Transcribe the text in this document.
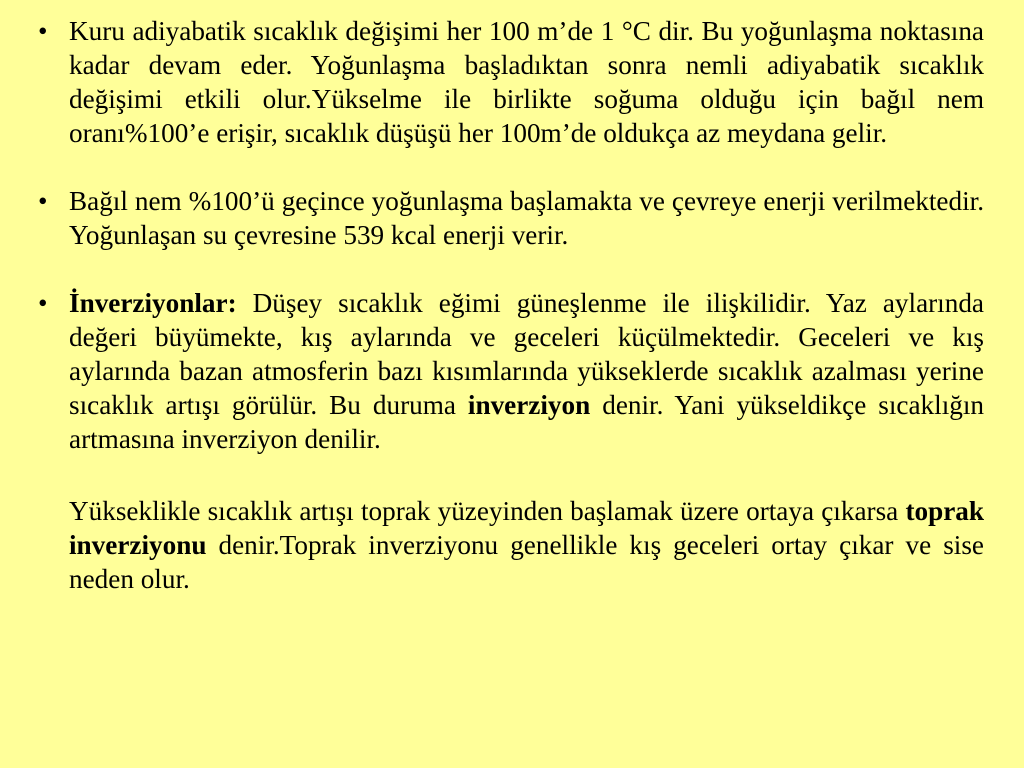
• Kuru adiyabatik sıcaklık değişimi her 100 m’de 1 °C dir. Bu yoğunlaşma noktasına kadar devam eder. Yoğunlaşma başladıktan sonra nemli adiyabatik sıcaklık değişimi etkili olur.Yükselme ile birlikte soğuma olduğu için bağıl nem oranı%100’e erişir, sıcaklık düşüşü her 100m’de oldukça az meydana gelir.

• Bağıl nem %100’ü geçince yoğunlaşma başlamakta ve çevreye enerji verilmektedir. Yoğunlaşan su çevresine 539 kcal enerji verir.

• İnverziyonlar: Düşey sıcaklık eğimi güneşlenme ile ilişkilidir. Yaz aylarında değeri büyümekte, kış aylarında ve geceleri küçülmektedir. Geceleri ve kış aylarında bazan atmosferin bazı kısımlarında yükseklerde sıcaklık azalması yerine sıcaklık artışı görülür. Bu duruma inverziyon denir. Yani yükseldikçe sıcaklığın artmasına inverziyon denilir.

Yükseklikle sıcaklık artışı toprak yüzeyinden başlamak üzere ortaya çıkarsa toprak inverziyonu denir.Toprak inverziyonu genellikle kış geceleri ortay çıkar ve sise neden olur.
